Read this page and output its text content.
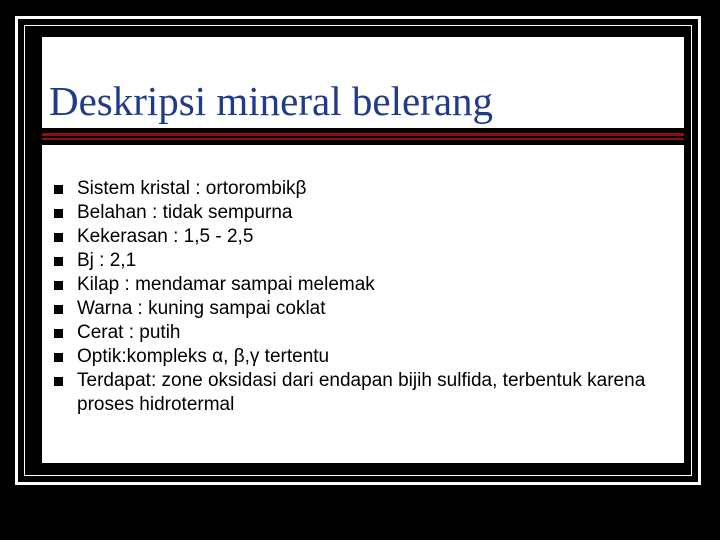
Deskripsi mineral belerang
Sistem kristal : ortorombikβ
Belahan : tidak sempurna
Kekerasan : 1,5 - 2,5
Bj : 2,1
Kilap : mendamar sampai melemak
Warna : kuning sampai coklat
Cerat : putih
Optik:kompleks α, β,γ tertentu
Terdapat: zone oksidasi dari endapan bijih sulfida, terbentuk karena proses hidrotermal
